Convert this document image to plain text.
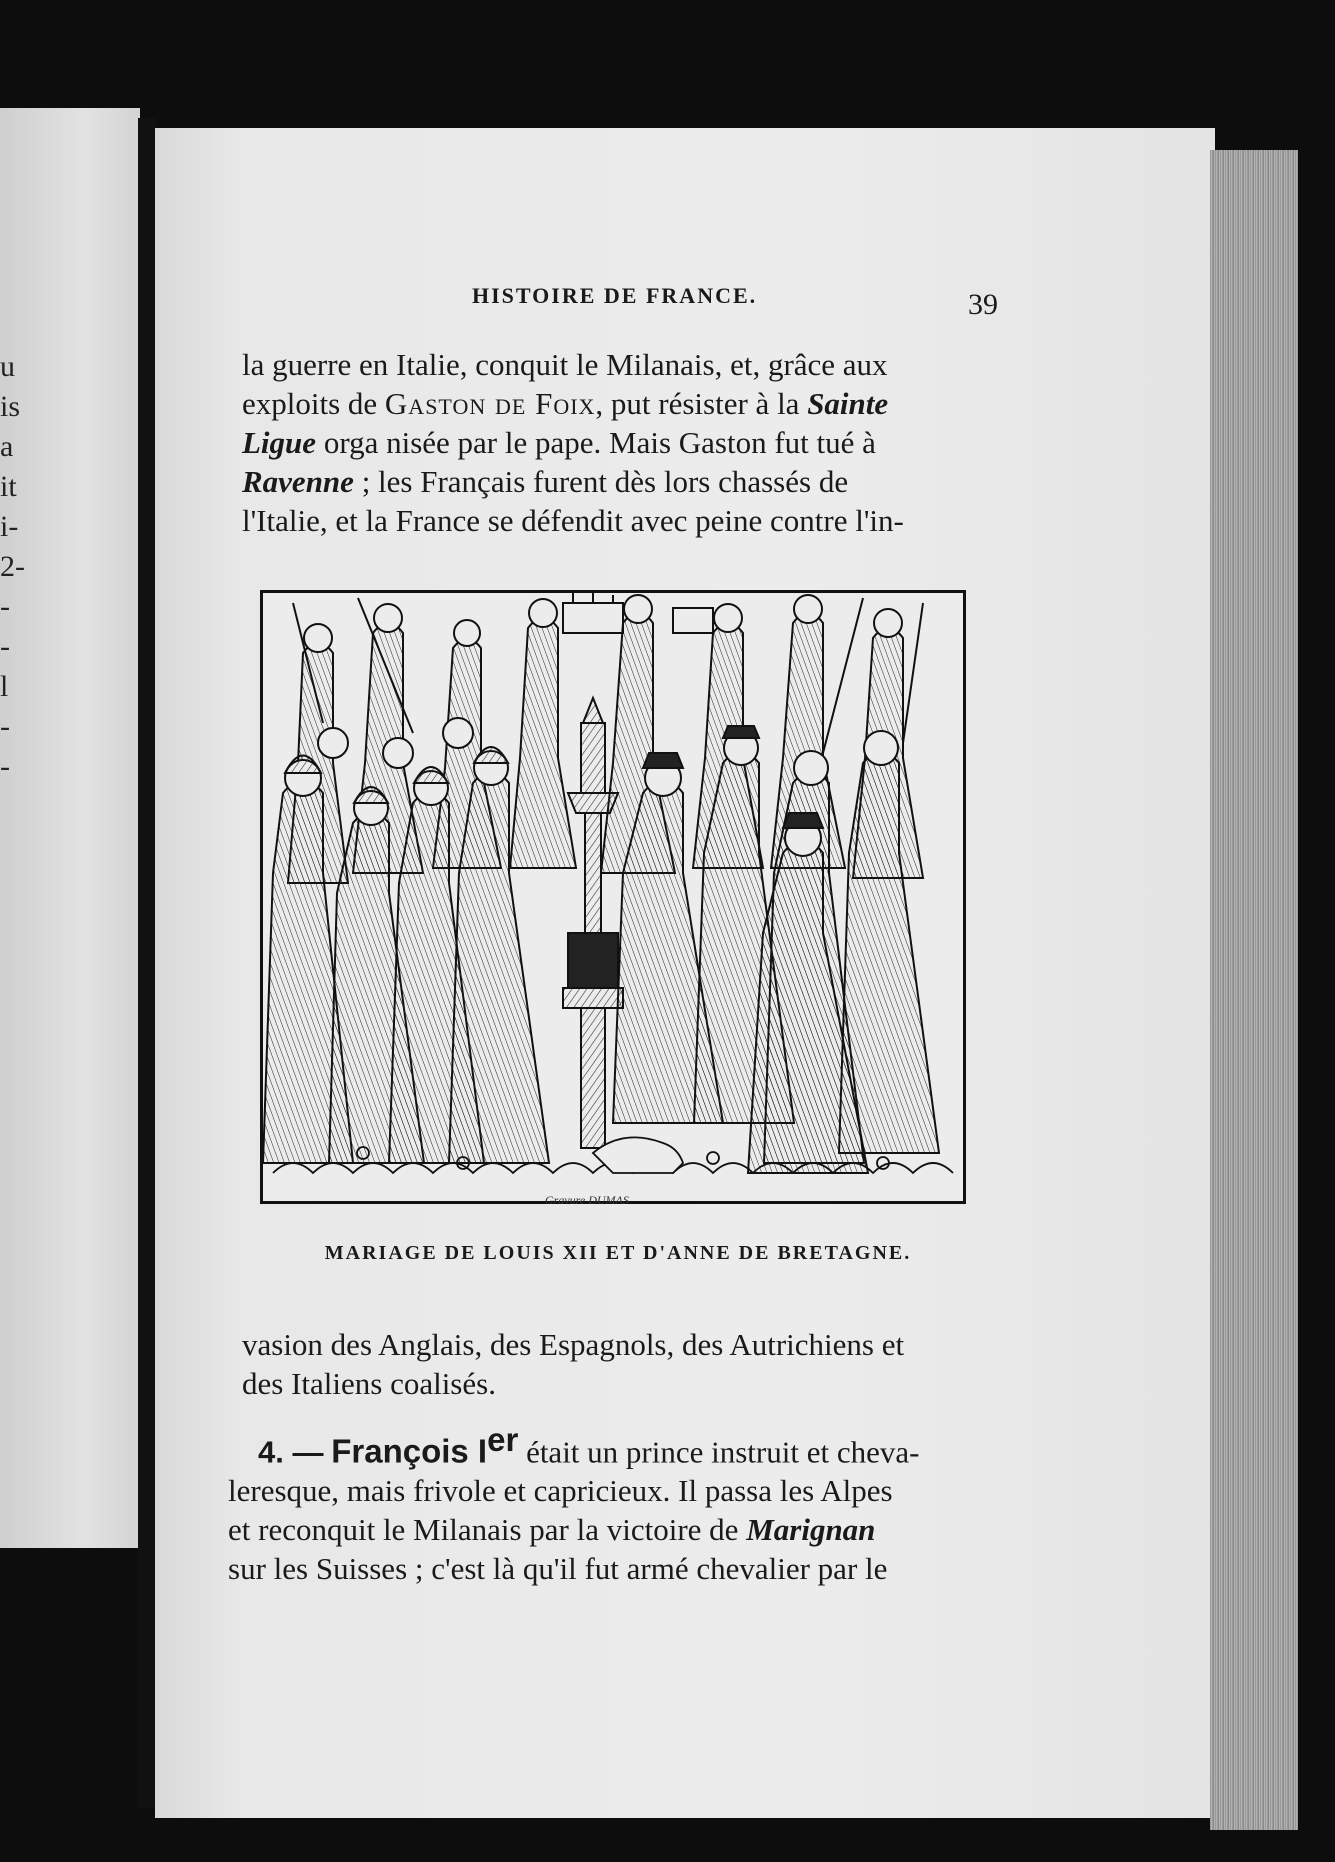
u
is
a
it
i-
2-
-
-
l
-
-
HISTOIRE DE FRANCE.	39

la guerre en Italie, conquit le Milanais, et, grâce aux

exploits de Gaston de Foix, put résister à la Sainte

Ligue orga nisée par le pape. Mais Gaston fut tué à

Ravenne ; les Français furent dès lors chassés de

l'Italie, et la France se défendit avec peine contre l'in-

Gravure DUMAS
MARIAGE DE LOUIS XII ET D'ANNE DE BRETAGNE.

vasion des Anglais, des Espagnols, des Autrichiens et

des Italiens coalisés.

4. — François Ier était un prince instruit et cheva-

leresque, mais frivole et capricieux. Il passa les Alpes

et reconquit le Milanais par la victoire de Marignan

sur les Suisses ; c'est là qu'il fut armé chevalier par le
